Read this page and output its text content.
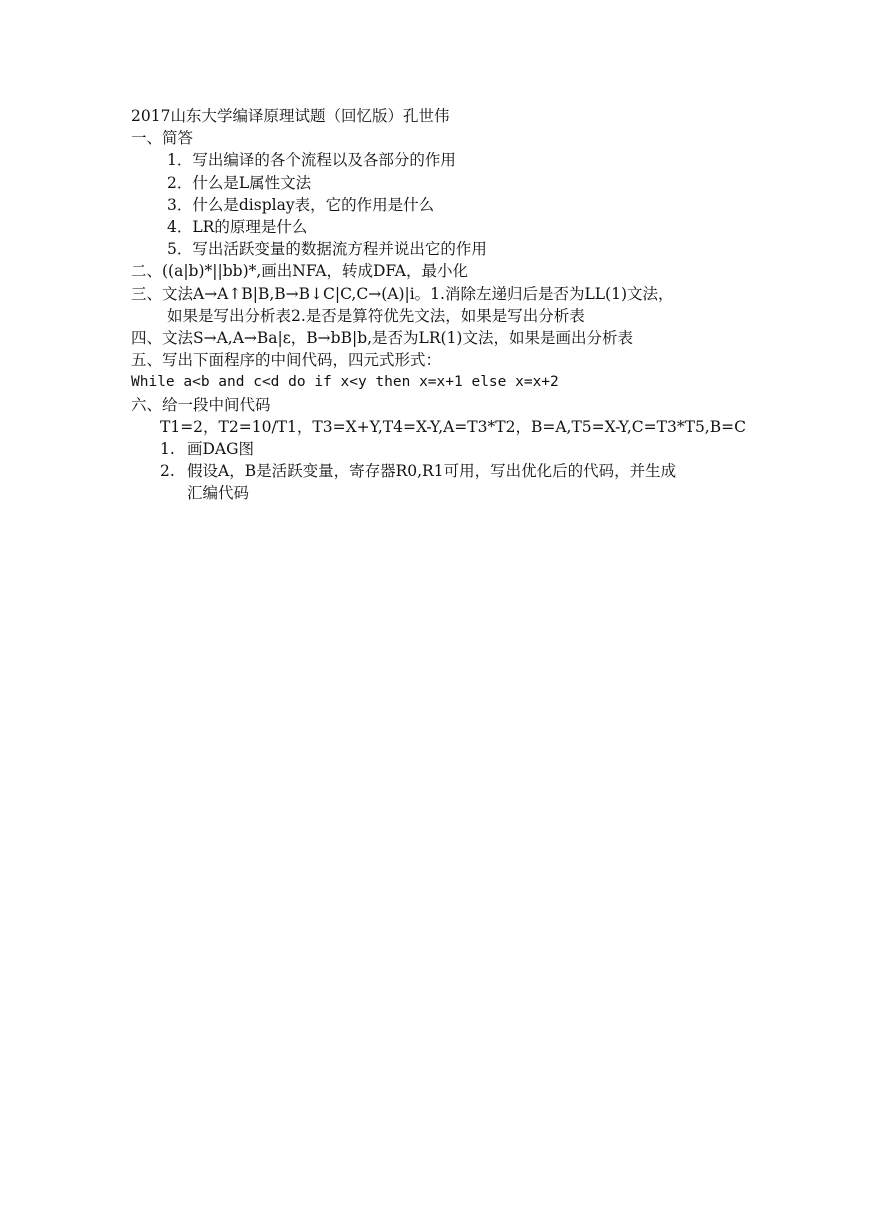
2017山东大学编译原理试题（回忆版）孔世伟
一、简答
1．写出编译的各个流程以及各部分的作用
2．什么是L属性文法
3．什么是display表，它的作用是什么
4．LR的原理是什么
5．写出活跃变量的数据流方程并说出它的作用
二、((a|b)*||bb)*,画出NFA，转成DFA，最小化
三、文法A→A↑B|B,B→B↓C|C,C→(A)|i。1.消除左递归后是否为LL(1)文法，
如果是写出分析表2.是否是算符优先文法，如果是写出分析表
四、文法S→A,A→Ba|ε，B→bB|b,是否为LR(1)文法，如果是画出分析表
五、写出下面程序的中间代码，四元式形式：
While a<b and c<d do if x<y then x=x+1 else x=x+2
六、给一段中间代码
T1=2，T2=10/T1，T3=X+Y,T4=X-Y,A=T3*T2，B=A,T5=X-Y,C=T3*T5,B=C
1. 画DAG图
2. 假设A，B是活跃变量，寄存器R0,R1可用，写出优化后的代码，并生成
汇编代码
